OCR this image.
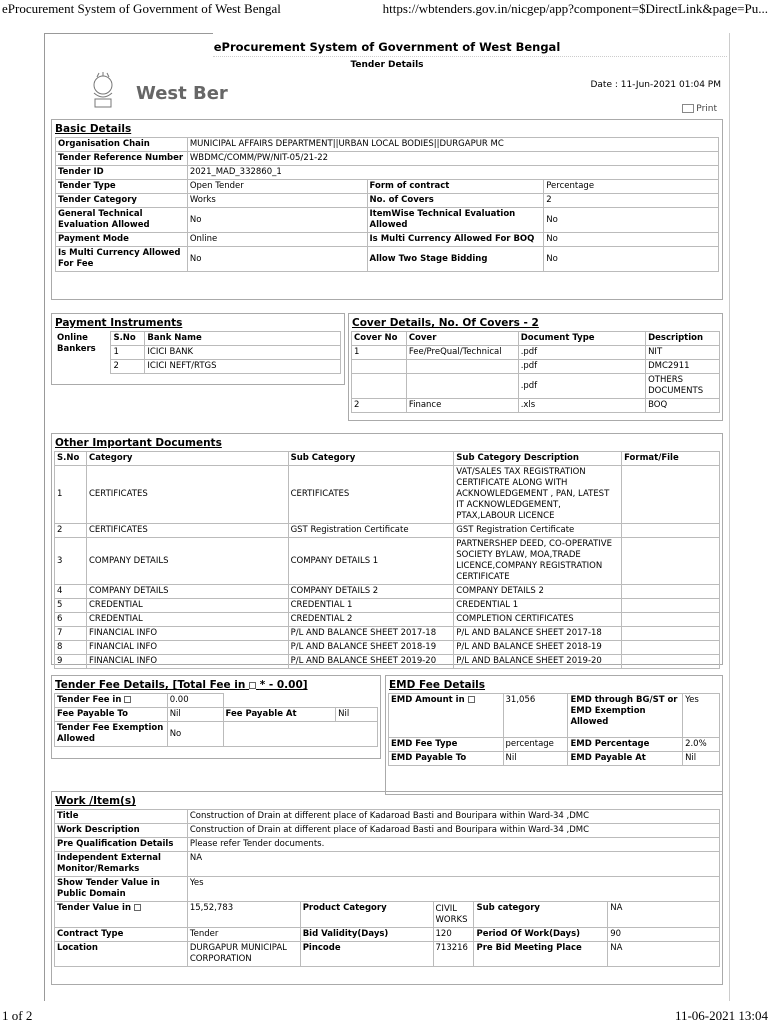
eProcurement System of Government of West Bengal	https://wbtenders.gov.in/nicgep/app?component=$DirectLink&page=Pu...
eProcurement System of Government of West Bengal
Tender Details
West Ber	Date : 11-Jun-2021 01:04 PM
Print
Basic Details
Organisation Chain	MUNICIPAL AFFAIRS DEPARTMENT||URBAN LOCAL BODIES||DURGAPUR MC		
Tender Reference Number	WBDMC/COMM/PW/NIT-05/21-22		
Tender ID	2021_MAD_332860_1		
Tender Type	Open Tender	Form of contract	Percentage
Tender Category	Works	No. of Covers	2
General Technical Evaluation Allowed	No	ItemWise Technical Evaluation Allowed	No
Payment Mode	Online	Is Multi Currency Allowed For BOQ	No
Is Multi Currency Allowed For Fee	No	Allow Two Stage Bidding	No
Payment Instruments
Online Bankers	S.No	Bank Name
	1	ICICI BANK
	2	ICICI NEFT/RTGS
Cover Details, No. Of Covers - 2
Cover No	Cover	Document Type	Description
1	Fee/PreQual/Technical	.pdf	NIT
		.pdf	DMC2911
		.pdf	OTHERS DOCUMENTS
2	Finance	.xls	BOQ
Other Important Documents
S.No	Category	Sub Category	Sub Category Description	Format/File
1	CERTIFICATES	CERTIFICATES	VAT/SALES TAX REGISTRATION CERTIFICATE ALONG WITH ACKNOWLEDGEMENT , PAN, LATEST IT ACKNOWLEDGEMENT, PTAX,LABOUR LICENCE	
2	CERTIFICATES	GST Registration Certificate	GST Registration Certificate	
3	COMPANY DETAILS	COMPANY DETAILS 1	PARTNERSHEP DEED, CO-OPERATIVE SOCIETY BYLAW, MOA,TRADE LICENCE,COMPANY REGISTRATION CERTIFICATE	
4	COMPANY DETAILS	COMPANY DETAILS 2	COMPANY DETAILS 2	
5	CREDENTIAL	CREDENTIAL 1	CREDENTIAL 1	
6	CREDENTIAL	CREDENTIAL 2	COMPLETION CERTIFICATES	
7	FINANCIAL INFO	P/L AND BALANCE SHEET 2017-18	P/L AND BALANCE SHEET 2017-18	
8	FINANCIAL INFO	P/L AND BALANCE SHEET 2018-19	P/L AND BALANCE SHEET 2018-19	
9	FINANCIAL INFO	P/L AND BALANCE SHEET 2019-20	P/L AND BALANCE SHEET 2019-20	
Tender Fee Details, [Total Fee in * - 0.00]
Tender Fee in	0.00		
Fee Payable To	Nil	Fee Payable At	Nil
Tender Fee Exemption Allowed	No		
EMD Fee Details
EMD Amount in	31,056	EMD through BG/ST or EMD Exemption Allowed	Yes
EMD Fee Type	percentage	EMD Percentage	2.0%
EMD Payable To	Nil	EMD Payable At	Nil
Work /Item(s)
Title	Construction of Drain at different place of Kadaroad Basti and Bouripara within Ward-34 ,DMC				
Work Description	Construction of Drain at different place of Kadaroad Basti and Bouripara within Ward-34 ,DMC				
Pre Qualification Details	Please refer Tender documents.				
Independent External Monitor/Remarks	NA				
Show Tender Value in Public Domain	Yes				
Tender Value in	15,52,783	Product Category	CIVIL WORKS	Sub category	NA
Contract Type	Tender	Bid Validity(Days)	120	Period Of Work(Days)	90
Location	DURGAPUR MUNICIPAL CORPORATION	Pincode	713216	Pre Bid Meeting Place	NA
1 of 2	11-06-2021 13:04
